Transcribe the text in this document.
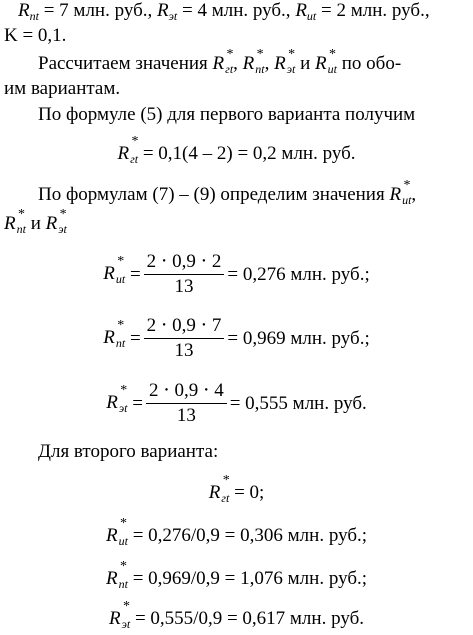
$R_{пt} = 7$ млн. руб., $R_{эt} = 4$ млн. руб., $R_{иt} = 2$ млн. руб.,
K = 0,1.
Рассчитаем значения R *
$_{гt}$, R *
$_{пt}$, R *
$_{эt}$ и R *
$_{иt}$ по обо-
им вариантам.
По формуле (5) для первого варианта получим
R
*
$_{гt}$ = 0,1(4 – 2) = 0,2 млн. руб.
По формулам (7) – (9) определим значения R *
$_{иt}$,
R *
$_{пt}$ и R *
$_{эt}$
R
*
$_{иt} = \frac{2 \cdot 0,9 \cdot 2}{13} = 0,276$ млн. руб.;
R
*
$_{пt} = \frac{2 \cdot 0,9 \cdot 7}{13} = 0,969$ млн. руб.;
R
*
$_{эt} = \frac{2 \cdot 0,9 \cdot 4}{13} = 0,555$ млн. руб.
Для второго варианта:
R
*
$_{гt}$ = 0;
R
*
$_{иt}$ = 0,276/0,9 = 0,306 млн. руб.;
R
*
$_{пt}$ = 0,969/0,9 = 1,076 млн. руб.;
R
*
$_{эt}$ = 0,555/0,9 = 0,617 млн. руб.
